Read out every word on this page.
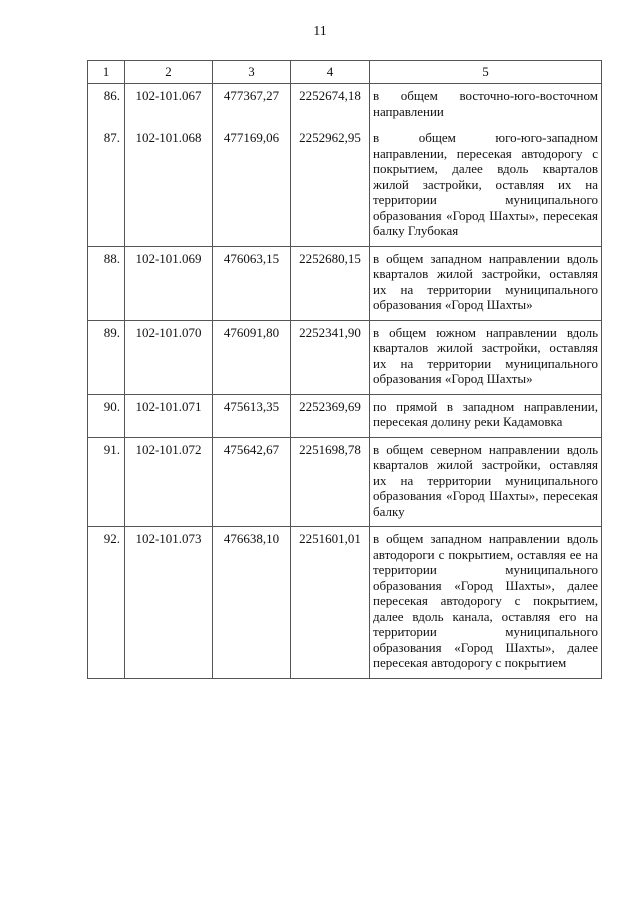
11
1	2	3	4	5
86.	102-101.067	477367,27	2252674,18	в общем восточно-юго-восточном направлении
87.	102-101.068	477169,06	2252962,95	в общем юго-юго-западном направлении, пересекая автодорогу с покрытием, далее вдоль кварталов жилой застройки, оставляя их на территории муниципального образования «Город Шахты», пересекая балку Глубокая
88.	102-101.069	476063,15	2252680,15	в общем западном направлении вдоль кварталов жилой застройки, оставляя их на территории муниципального образования «Город Шахты»
89.	102-101.070	476091,80	2252341,90	в общем южном направлении вдоль кварталов жилой застройки, оставляя их на территории муниципального образования «Город Шахты»
90.	102-101.071	475613,35	2252369,69	по прямой в западном направлении, пересекая долину реки Кадамовка
91.	102-101.072	475642,67	2251698,78	в общем северном направлении вдоль кварталов жилой застройки, оставляя их на территории муниципального образования «Город Шахты», пересекая балку
92.	102-101.073	476638,10	2251601,01	в общем западном направлении вдоль автодороги с покрытием, оставляя ее на территории муниципального образования «Город Шахты», далее пересекая автодорогу с покрытием, далее вдоль канала, оставляя его на территории муниципального образования «Город Шахты», далее пересекая автодорогу с покрытием
